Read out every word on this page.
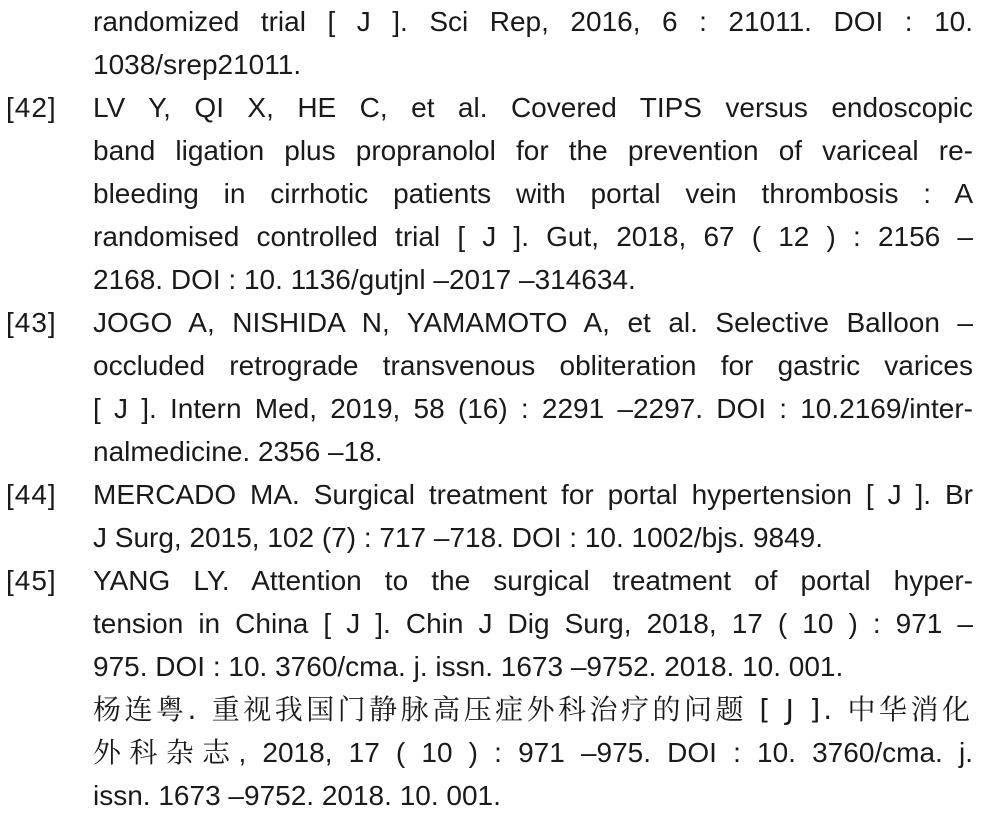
randomized trial [ J ]. Sci Rep, 2016, 6 : 21011. DOI : 10.
1038/srep21011.
[42]	LV Y, QI X, HE C, et al. Covered TIPS versus endoscopic
band ligation plus propranolol for the prevention of variceal re-
bleeding in cirrhotic patients with portal vein thrombosis : A
randomised controlled trial [ J ]. Gut, 2018, 67 ( 12 ) : 2156 –
2168. DOI : 10. 1136/gutjnl –2017 –314634.
[43]	JOGO A, NISHIDA N, YAMAMOTO A, et al. Selective Balloon –
occluded retrograde transvenous obliteration for gastric varices
[ J ]. Intern Med, 2019, 58 (16) : 2291 –2297. DOI : 10.2169/inter-
nalmedicine. 2356 –18.
[44]	MERCADO MA. Surgical treatment for portal hypertension [ J ]. Br
J Surg, 2015, 102 (7) : 717 –718. DOI : 10. 1002/bjs. 9849.
[45]	YANG LY. Attention to the surgical treatment of portal hyper-
tension in China [ J ]. Chin J Dig Surg, 2018, 17 ( 10 ) : 971 –
975. DOI : 10. 3760/cma. j. issn. 1673 –9752. 2018. 10. 001.
杨连粤. 重视我国门静脉高压症外科治疗的问题 [ J ]. 中华消化
外科杂志, 2018, 17 ( 10 ) : 971 –975. DOI : 10. 3760/cma. j.
issn. 1673 –9752. 2018. 10. 001.
